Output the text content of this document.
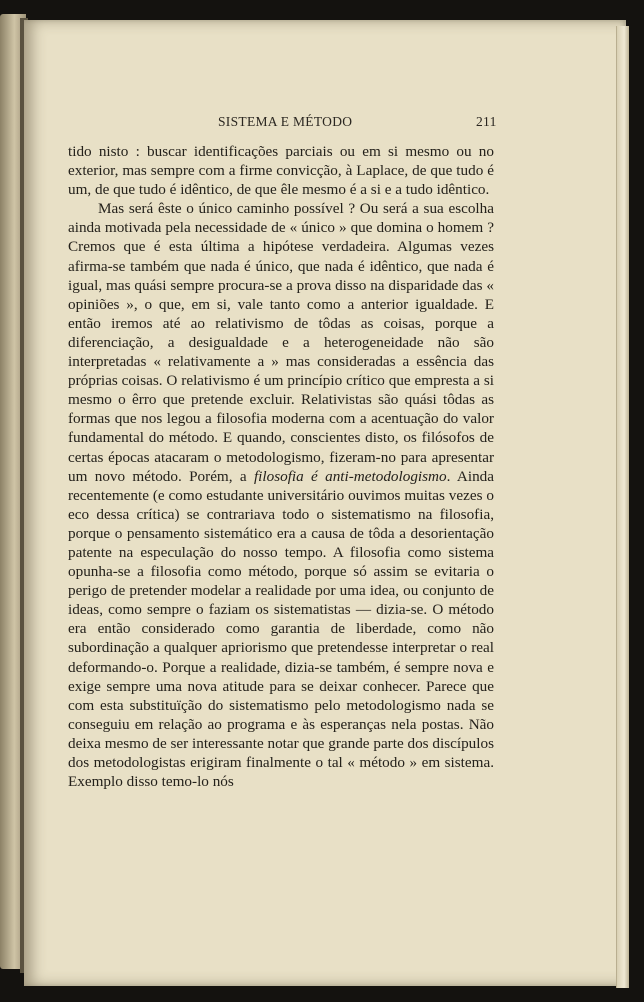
SISTEMA E MÉTODO	211

tido nisto : buscar identificações parciais ou em si mesmo ou no exterior, mas sempre com a firme convicção, à Laplace, de que tudo é um, de que tudo é idêntico, de que êle mesmo é a si e a tudo idêntico.

Mas será êste o único caminho possível ? Ou será a sua escolha ainda motivada pela necessidade de « único » que domina o homem ? Cremos que é esta última a hipótese verdadeira. Algumas vezes afirma-se também que nada é único, que nada é idêntico, que nada é igual, mas quási sempre procura-se a prova disso na disparidade das « opiniões », o que, em si, vale tanto como a anterior igualdade. E então iremos até ao relativismo de tôdas as coisas, porque a diferenciação, a desigualdade e a heterogeneidade não são interpretadas « relativamente a » mas consideradas a essência das próprias coisas. O relativismo é um princípio crítico que empresta a si mesmo o êrro que pretende excluir. Relativistas são quási tôdas as formas que nos legou a filosofia moderna com a acentuação do valor fundamental do método. E quando, conscientes disto, os filósofos de certas épocas atacaram o metodologismo, fizeram-no para apresentar um novo método. Porém, a filosofia é anti-metodologismo. Ainda recentemente (e como estudante universitário ouvimos muitas vezes o eco dessa crítica) se contrariava todo o sistematismo na filosofia, porque o pensamento sistemático era a causa de tôda a desorientação patente na especulação do nosso tempo. A filosofia como sistema opunha-se a filosofia como método, porque só assim se evitaria o perigo de pretender modelar a realidade por uma idea, ou conjunto de ideas, como sempre o faziam os sistematistas — dizia-se. O método era então considerado como garantia de liberdade, como não subordinação a qualquer apriorismo que pretendesse interpretar o real deformando-o. Porque a realidade, dizia-se também, é sempre nova e exige sempre uma nova atitude para se deixar conhecer. Parece que com esta substituïção do sistematismo pelo metodologismo nada se conseguiu em relação ao programa e às esperanças nela postas. Não deixa mesmo de ser interessante notar que grande parte dos discípulos dos metodologistas erigiram finalmente o tal « método » em sistema. Exemplo disso temo-lo nós
